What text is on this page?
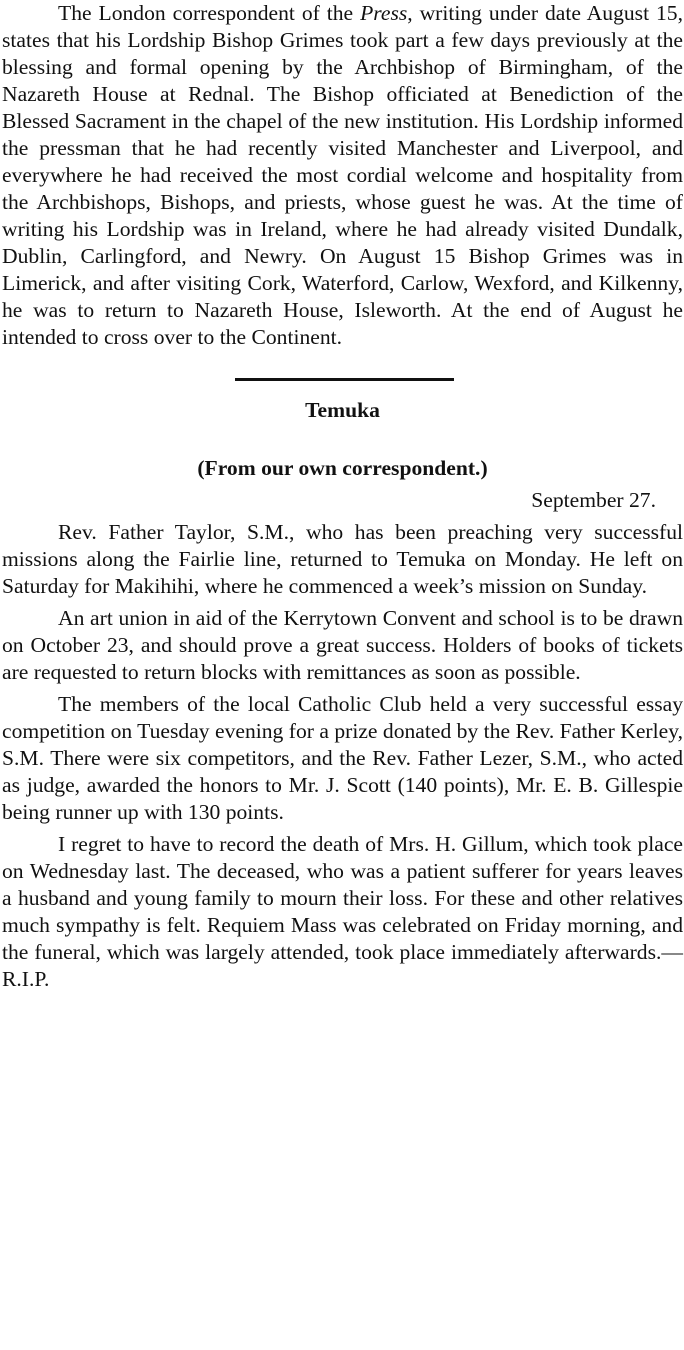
The London correspondent of the Press, writing under date August 15, states that his Lordship Bishop Grimes took part a few days previously at the blessing and formal opening by the Archbishop of Birmingham, of the Nazareth House at Rednal. The Bishop officiated at Benediction of the Blessed Sacrament in the chapel of the new institution. His Lordship informed the pressman that he had recently visited Manchester and Liverpool, and everywhere he had received the most cordial welcome and hospitality from the Archbishops, Bishops, and priests, whose guest he was. At the time of writing his Lordship was in Ireland, where he had already visited Dundalk, Dublin, Carlingford, and Newry. On August 15 Bishop Grimes was in Limerick, and after visiting Cork, Waterford, Carlow, Wexford, and Kilkenny, he was to return to Nazareth House, Isleworth. At the end of August he intended to cross over to the Continent.

Temuka
(From our own correspondent.)
September 27.

Rev. Father Taylor, S.M., who has been preaching very successful missions along the Fairlie line, returned to Temuka on Monday. He left on Saturday for Makihihi, where he commenced a week’s mission on Sunday.

An art union in aid of the Kerrytown Convent and school is to be drawn on October 23, and should prove a great success. Holders of books of tickets are requested to return blocks with remittances as soon as possible.

The members of the local Catholic Club held a very successful essay competition on Tuesday evening for a prize donated by the Rev. Father Kerley, S.M. There were six competitors, and the Rev. Father Lezer, S.M., who acted as judge, awarded the honors to Mr. J. Scott (140 points), Mr. E. B. Gillespie being runner up with 130 points.

I regret to have to record the death of Mrs. H. Gillum, which took place on Wednesday last. The deceased, who was a patient sufferer for years leaves a husband and young family to mourn their loss. For these and other relatives much sympathy is felt. Requiem Mass was celebrated on Friday morning, and the funeral, which was largely attended, took place immediately afterwards.—R.I.P.
